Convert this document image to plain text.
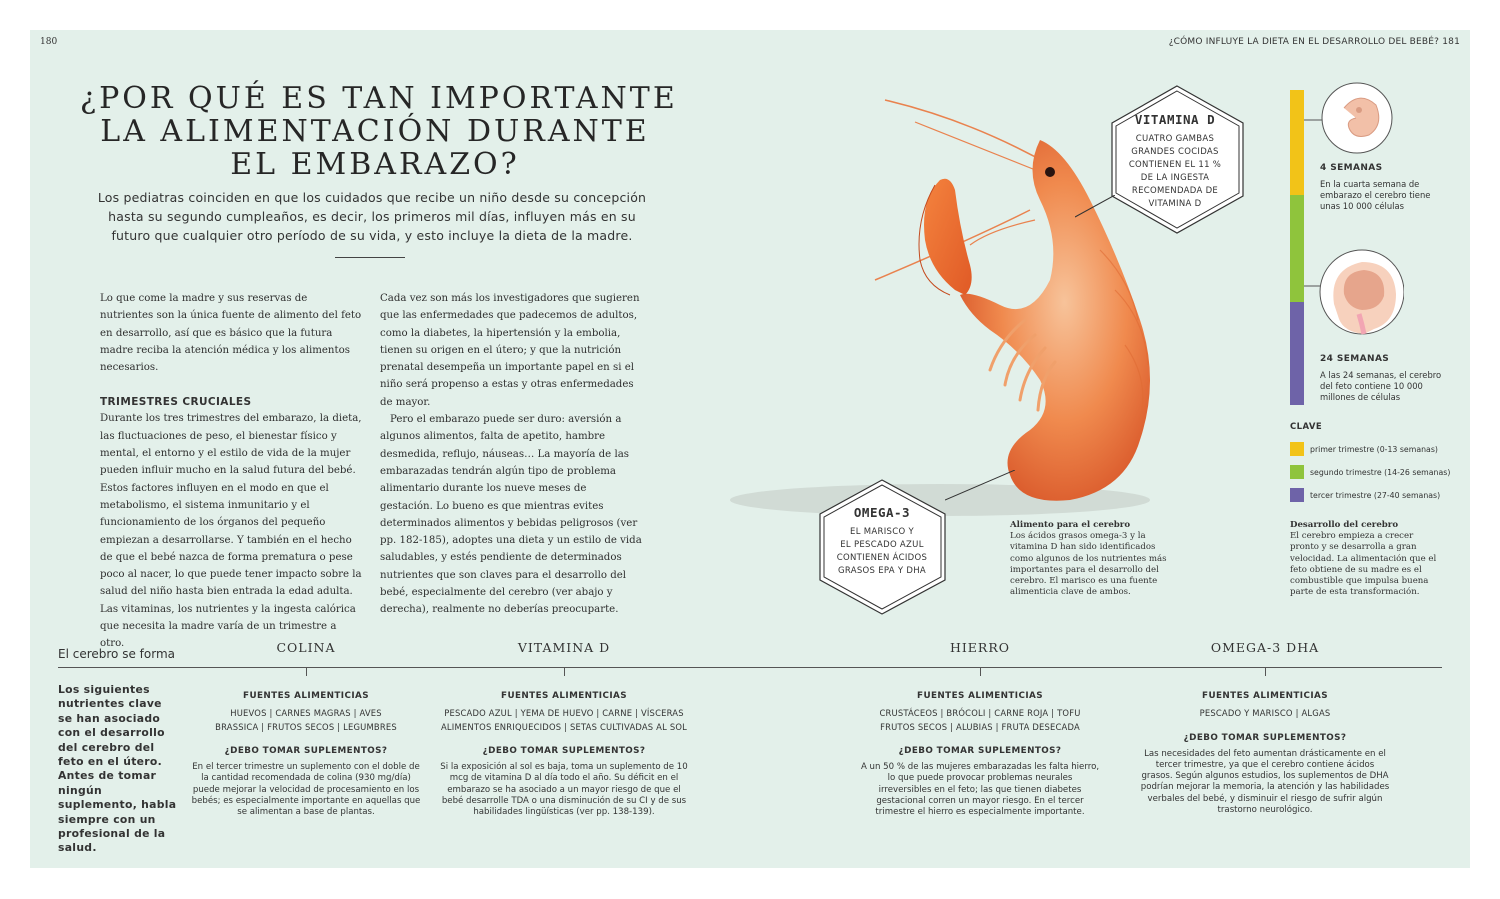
180	¿CÓMO INFLUYE LA DIETA EN EL DESARROLLO DEL BEBÉ? 181
¿POR QUÉ ES TAN IMPORTANTE
LA ALIMENTACIÓN DURANTE
EL EMBARAZO?
Los pediatras coinciden en que los cuidados que recibe un niño desde su concepción hasta su segundo cumpleaños, es decir, los primeros mil días, influyen más en su futuro que cualquier otro período de su vida, y esto incluye la dieta de la madre.

Lo que come la madre y sus reservas de nutrientes son la única fuente de alimento del feto en desarrollo, así que es básico que la futura madre reciba la atención médica y los alimentos necesarios.

TRIMESTRES CRUCIALES

Durante los tres trimestres del embarazo, la dieta, las fluctuaciones de peso, el bienestar físico y mental, el entorno y el estilo de vida de la mujer pueden influir mucho en la salud futura del bebé. Estos factores influyen en el modo en que el metabolismo, el sistema inmunitario y el funcionamiento de los órganos del pequeño empiezan a desarrollarse. Y también en el hecho de que el bebé nazca de forma prematura o pese poco al nacer, lo que puede tener impacto sobre la salud del niño hasta bien entrada la edad adulta. Las vitaminas, los nutrientes y la ingesta calórica que necesita la madre varía de un trimestre a otro.

Cada vez son más los investigadores que sugieren que las enfermedades que padecemos de adultos, como la diabetes, la hipertensión y la embolia, tienen su origen en el útero; y que la nutrición prenatal desempeña un importante papel en si el niño será propenso a estas y otras enfermedades de mayor.

Pero el embarazo puede ser duro: aversión a algunos alimentos, falta de apetito, hambre desmedida, reflujo, náuseas… La mayoría de las embarazadas tendrán algún tipo de problema alimentario durante los nueve meses de gestación. Lo bueno es que mientras evites determinados alimentos y bebidas peligrosos (ver pp. 182-185), adoptes una dieta y un estilo de vida saludables, y estés pendiente de determinados nutrientes que son claves para el desarrollo del bebé, especialmente del cerebro (ver abajo y derecha), realmente no deberías preocuparte.

VITAMINA D
CUATRO GAMBAS
GRANDES COCIDAS
CONTIENEN EL 11 %
DE LA INGESTA
RECOMENDADA DE
VITAMINA D
OMEGA-3
EL MARISCO Y
EL PESCADO AZUL
CONTIENEN ÁCIDOS
GRASOS EPA Y DHA
Alimento para el cerebro
Los ácidos grasos omega-3 y la vitamina D han sido identificados como algunos de los nutrientes más importantes para el desarrollo del cerebro. El marisco es una fuente alimenticia clave de ambos.
Desarrollo del cerebro
El cerebro empieza a crecer pronto y se desarrolla a gran velocidad. La alimentación que el feto obtiene de su madre es el combustible que impulsa buena parte de esta transformación.
4 SEMANAS
En la cuarta semana de embarazo el cerebro tiene unas 10 000 células
24 SEMANAS
A las 24 semanas, el cerebro del feto contiene 10 000 millones de células
CLAVE
primer trimestre (0-13 semanas)
segundo trimestre (14-26 semanas)
tercer trimestre (27-40 semanas)
El cerebro se forma	COLINA	VITAMINA D	HIERRO	OMEGA-3 DHA
Los siguientes nutrientes clave se han asociado con el desarrollo del cerebro del feto en el útero. Antes de tomar ningún suplemento, habla siempre con un profesional de la salud.
FUENTES ALIMENTICIAS
HUEVOS | CARNES MAGRAS | AVES
BRASSICA | FRUTOS SECOS | LEGUMBRES
¿DEBO TOMAR SUPLEMENTOS?
En el tercer trimestre un suplemento con el doble de la cantidad recomendada de colina (930 mg/día) puede mejorar la velocidad de procesamiento en los bebés; es especialmente importante en aquellas que se alimentan a base de plantas.
FUENTES ALIMENTICIAS
PESCADO AZUL | YEMA DE HUEVO | CARNE | VÍSCERAS
ALIMENTOS ENRIQUECIDOS | SETAS CULTIVADAS AL SOL
¿DEBO TOMAR SUPLEMENTOS?
Si la exposición al sol es baja, toma un suplemento de 10 mcg de vitamina D al día todo el año. Su déficit en el embarazo se ha asociado a un mayor riesgo de que el bebé desarrolle TDA o una disminución de su CI y de sus habilidades lingüísticas (ver pp. 138-139).
FUENTES ALIMENTICIAS
CRUSTÁCEOS | BRÓCOLI | CARNE ROJA | TOFU
FRUTOS SECOS | ALUBIAS | FRUTA DESECADA
¿DEBO TOMAR SUPLEMENTOS?
A un 50 % de las mujeres embarazadas les falta hierro, lo que puede provocar problemas neurales irreversibles en el feto; las que tienen diabetes gestacional corren un mayor riesgo. En el tercer trimestre el hierro es especialmente importante.
FUENTES ALIMENTICIAS
PESCADO Y MARISCO | ALGAS
¿DEBO TOMAR SUPLEMENTOS?
Las necesidades del feto aumentan drásticamente en el tercer trimestre, ya que el cerebro contiene ácidos grasos. Según algunos estudios, los suplementos de DHA podrían mejorar la memoria, la atención y las habilidades verbales del bebé, y disminuir el riesgo de sufrir algún trastorno neurológico.
